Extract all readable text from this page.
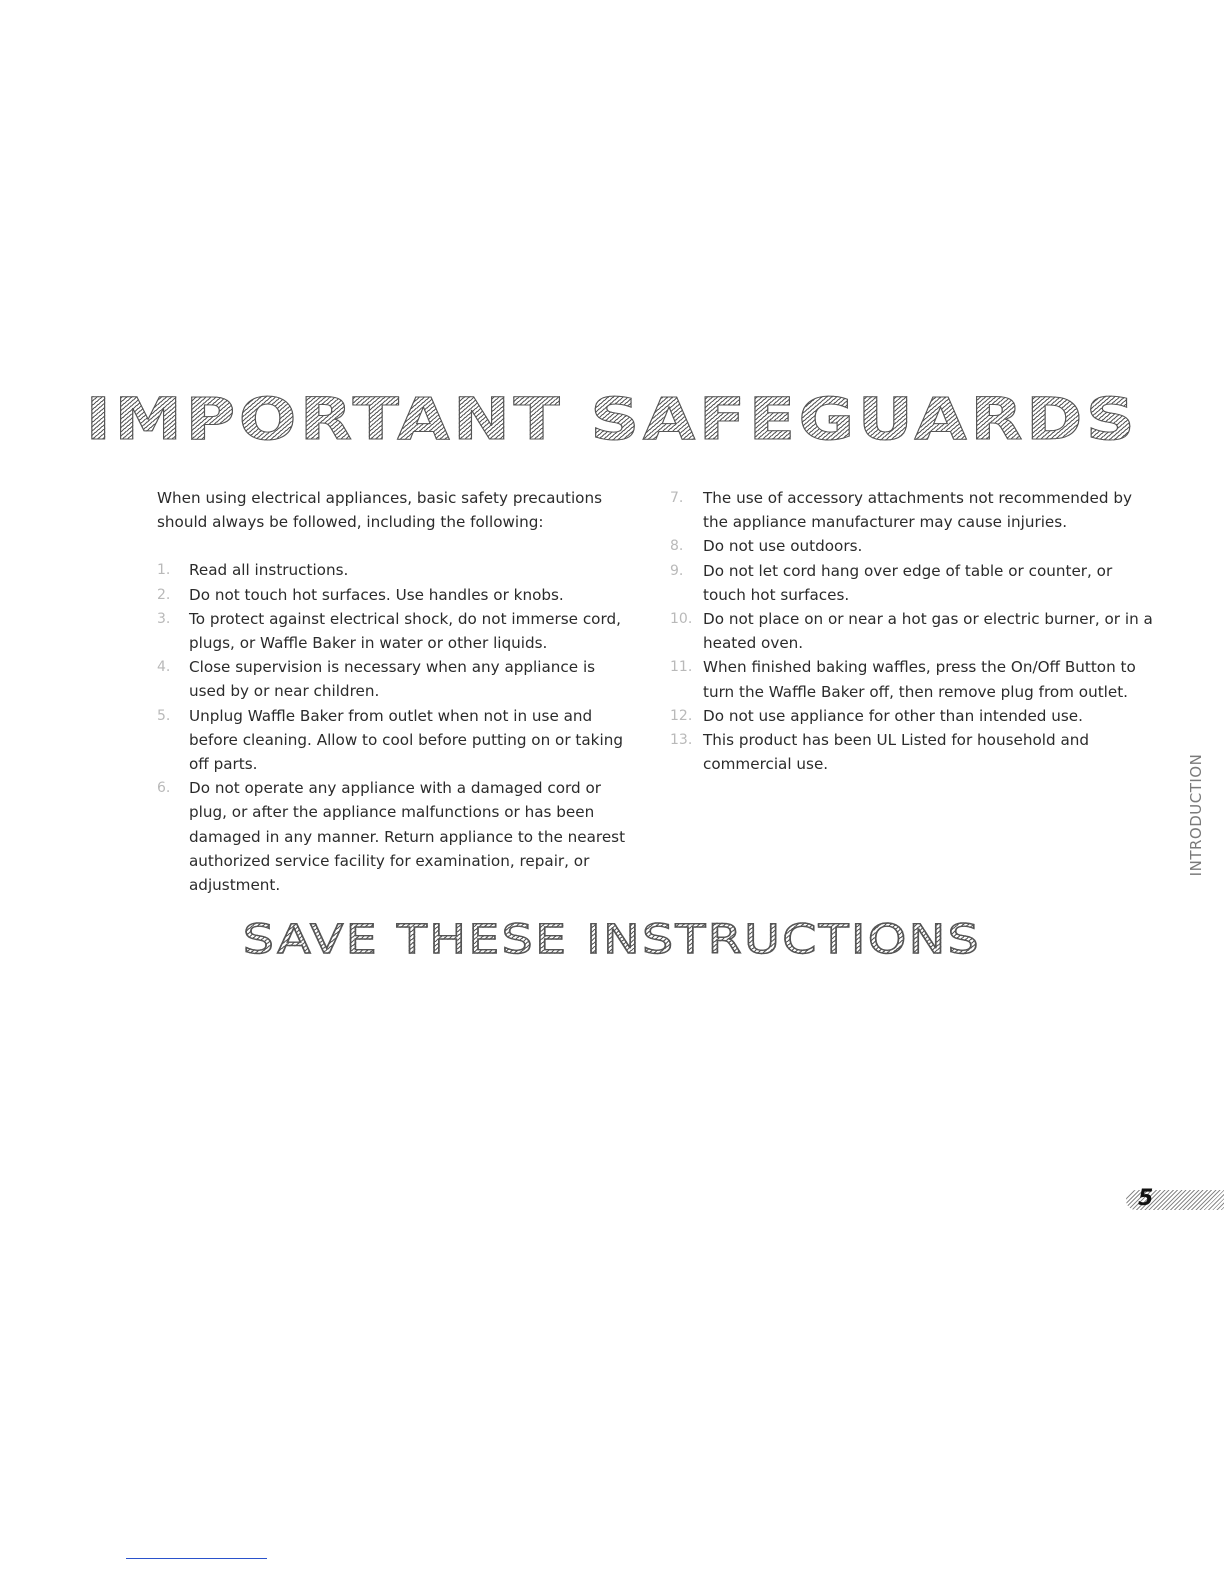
IMPORTANT SAFEGUARDS

When using electrical appliances, basic safety precautions should always be followed, including the following:

1. Read all instructions.
2. Do not touch hot surfaces. Use handles or knobs.
3. To protect against electrical shock, do not immerse cord, plugs, or Waffle Baker in water or other liquids.
4. Close supervision is necessary when any appliance is used by or near children.
5. Unplug Waffle Baker from outlet when not in use and before cleaning. Allow to cool before putting on or taking off parts.
6. Do not operate any appliance with a damaged cord or plug, or after the appliance malfunctions or has been damaged in any manner. Return appliance to the nearest authorized service facility for examination, repair, or adjustment.
7. The use of accessory attachments not recommended by the appliance manufacturer may cause injuries.
8. Do not use outdoors.
9. Do not let cord hang over edge of table or counter, or touch hot surfaces.
10. Do not place on or near a hot gas or electric burner, or in a heated oven.
11. When finished baking waffles, press the On/Off Button to turn the Waffle Baker off, then remove plug from outlet.
12. Do not use appliance for other than intended use.
13. This product has been UL Listed for household and commercial use.
SAVE THESE INSTRUCTIONS
INTRODUCTION
5
